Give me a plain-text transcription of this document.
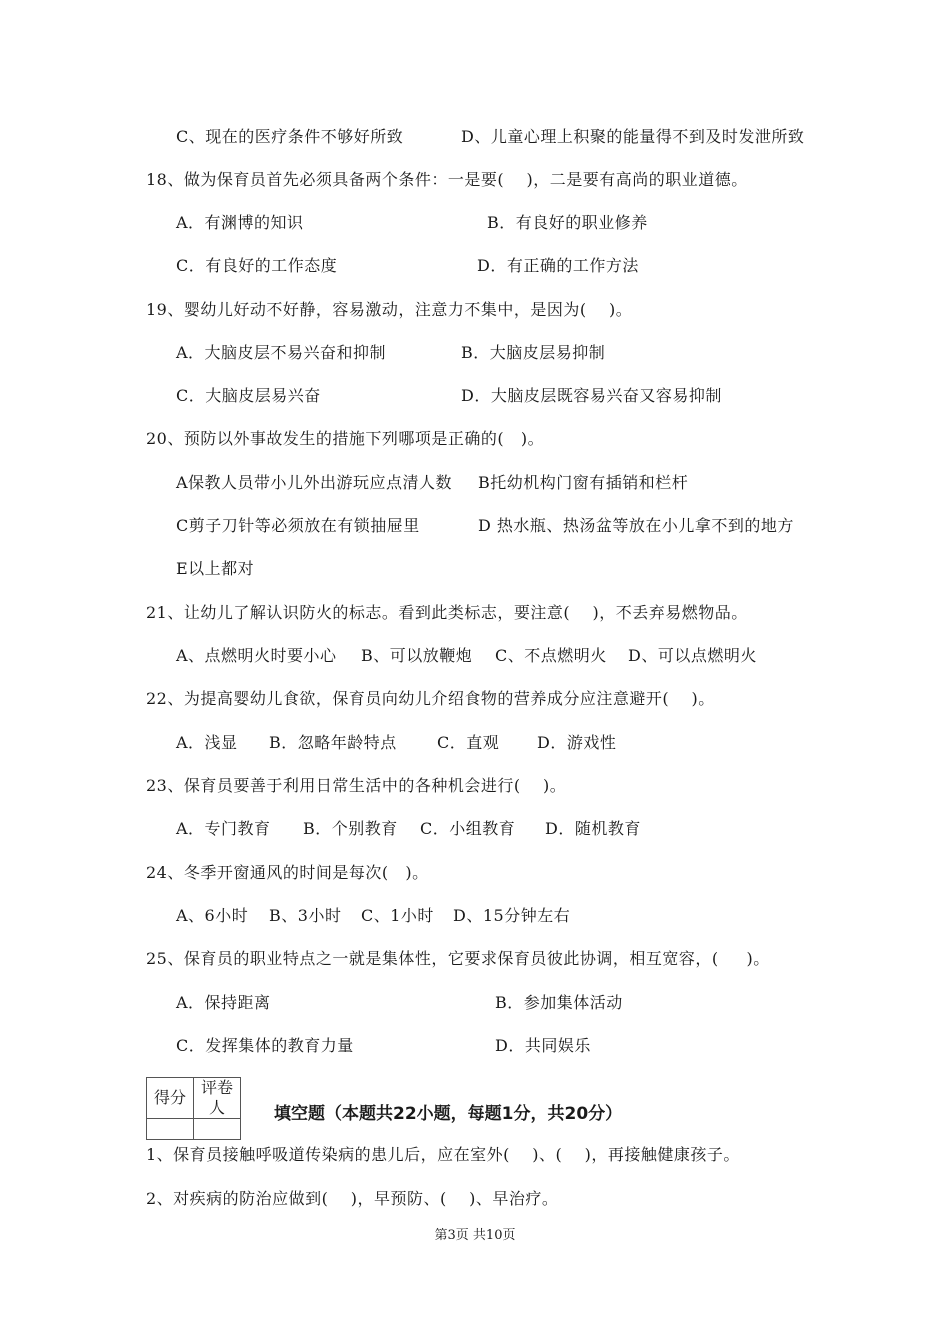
C、现在的医疗条件不够好所致	D、儿童心理上积聚的能量得不到及时发泄所致
18、做为保育员首先必须具备两个条件：一是要(    )，二是要有高尚的职业道德。
A．有渊博的知识	B．有良好的职业修养
C．有良好的工作态度	D．有正确的工作方法
19、婴幼儿好动不好静，容易激动，注意力不集中，是因为(    )。
A．大脑皮层不易兴奋和抑制	B．大脑皮层易抑制
C．大脑皮层易兴奋	D．大脑皮层既容易兴奋又容易抑制
20、预防以外事故发生的措施下列哪项是正确的(   )。
A保教人员带小儿外出游玩应点清人数 B托幼机构门窗有插销和栏杆
C剪子刀针等必须放在有锁抽屉里	D 热水瓶、热汤盆等放在小儿拿不到的地方
E以上都对
21、让幼儿了解认识防火的标志。看到此类标志，要注意(    )，不丢弃易燃物品。
A、点燃明火时要小心 B、可以放鞭炮 C、不点燃明火 D、可以点燃明火
22、为提高婴幼儿食欲，保育员向幼儿介绍食物的营养成分应注意避开(    )。
A．浅显 B．忽略年龄特点	C．直观 D．游戏性
23、保育员要善于利用日常生活中的各种机会进行(    )。
A．专门教育 B．个别教育 C．小组教育 D．随机教育
24、冬季开窗通风的时间是每次(   )。
A、6小时 B、3小时 C、1小时 D、15分钟左右
25、保育员的职业特点之一就是集体性，它要求保育员彼此协调，相互宽容，(     )。
A．保持距离	B．参加集体活动
C．发挥集体的教育力量	D．共同娱乐
得分	评卷人
		填空题（本题共22小题，每题1分，共20分）
1、保育员接触呼吸道传染病的患儿后，应在室外(    )、(    )，再接触健康孩子。
2、对疾病的防治应做到(    )，早预防、(    )、早治疗。
第3页 共10页
